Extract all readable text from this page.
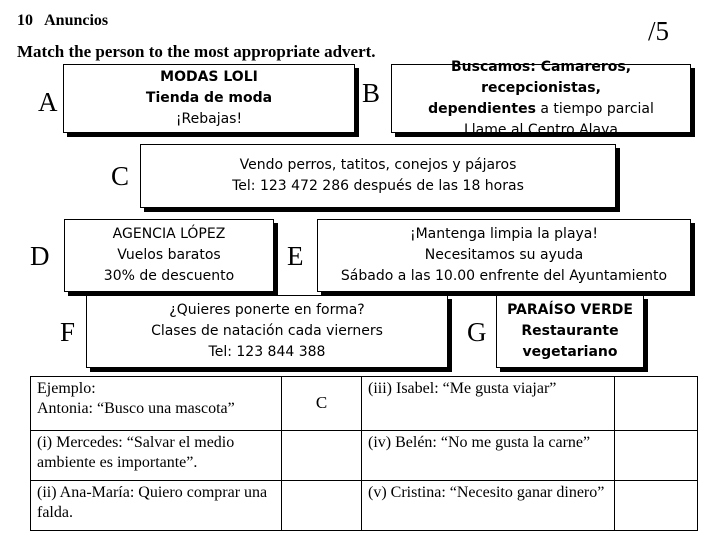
10 Anuncios	/5
Match the person to the most appropriate advert.
A
MODAS LOLI
Tienda de moda
¡Rebajas!
B
Buscamos: Camareros, recepcionistas,
dependientes a tiempo parcial
Llame al Centro Alaya
C	Vendo perros, tatitos, conejos y pájaros
Tel: 123 472 286 después de las 18 horas
D
AGENCIA LÓPEZ
Vuelos baratos
30% de descuento
E
¡Mantenga limpia la playa!
Necesitamos su ayuda
Sábado a las 10.00 enfrente del Ayuntamiento
F
¿Quieres ponerte en forma?
Clases de natación cada vierners
Tel: 123 844 388
G
PARAÍSO VERDE
Restaurante
vegetariano
Ejemplo:
Antonia: “Busco una mascota”	C	(iii) Isabel: “Me gusta viajar”	
(i) Mercedes: “Salvar el medio ambiente es importante”.		(iv) Belén: “No me gusta la carne”	
(ii) Ana-María: Quiero comprar una falda.		(v) Cristina: “Necesito ganar dinero”	
